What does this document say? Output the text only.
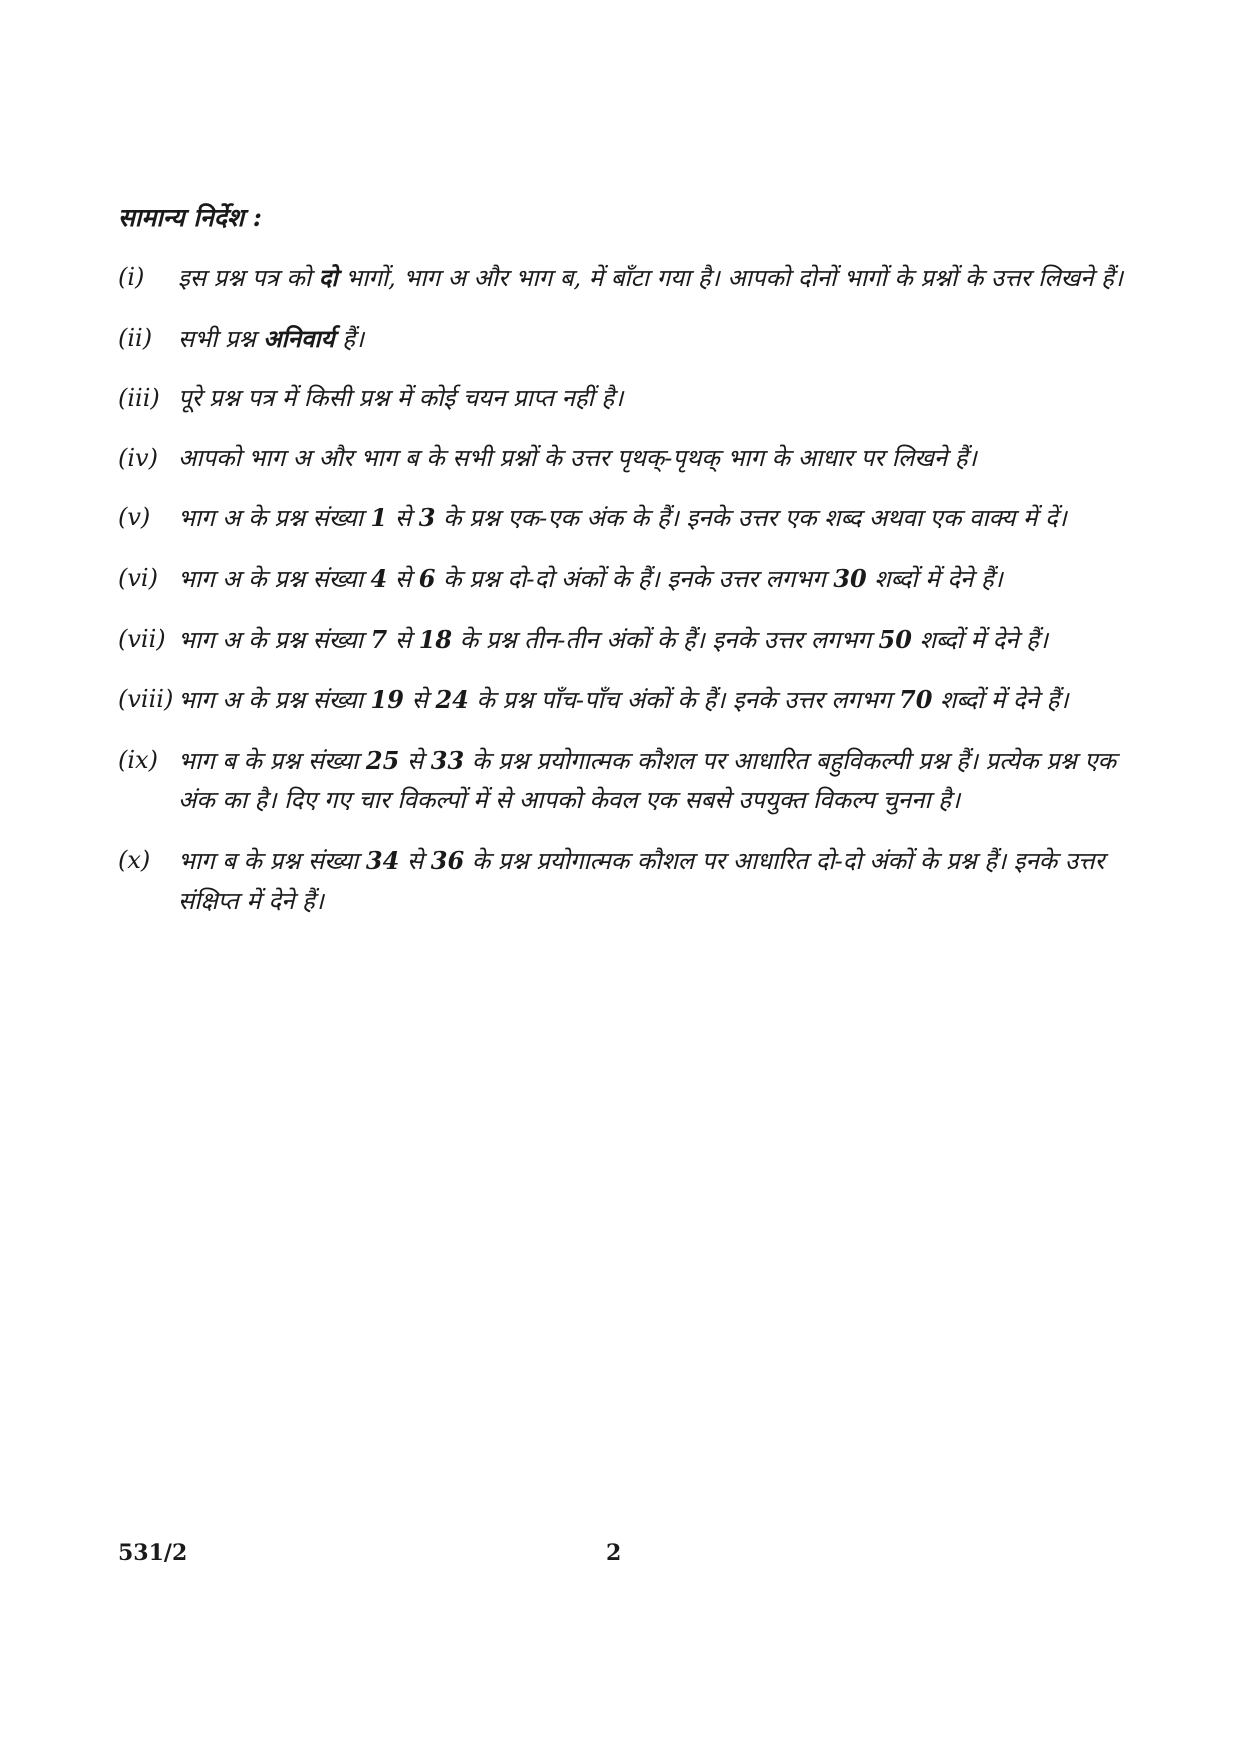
सामान्य निर्देश :
(i) इस प्रश्न पत्र को दो भागों, भाग अ और भाग ब, में बाँटा गया है। आपको दोनों भागों के प्रश्नों के उत्तर लिखने हैं।
(ii) सभी प्रश्न अनिवार्य हैं।
(iii) पूरे प्रश्न पत्र में किसी प्रश्न में कोई चयन प्राप्त नहीं है।
(iv) आपको भाग अ और भाग ब के सभी प्रश्नों के उत्तर पृथक्-पृथक् भाग के आधार पर लिखने हैं।
(v) भाग अ के प्रश्न संख्या 1 से 3 के प्रश्न एक-एक अंक के हैं। इनके उत्तर एक शब्द अथवा एक वाक्य में दें।
(vi) भाग अ के प्रश्न संख्या 4 से 6 के प्रश्न दो-दो अंकों के हैं। इनके उत्तर लगभग 30 शब्दों में देने हैं।
(vii) भाग अ के प्रश्न संख्या 7 से 18 के प्रश्न तीन-तीन अंकों के हैं। इनके उत्तर लगभग 50 शब्दों में देने हैं।
(viii) भाग अ के प्रश्न संख्या 19 से 24 के प्रश्न पाँच-पाँच अंकों के हैं। इनके उत्तर लगभग 70 शब्दों में देने हैं।
(ix) भाग ब के प्रश्न संख्या 25 से 33 के प्रश्न प्रयोगात्मक कौशल पर आधारित बहुविकल्पी प्रश्न हैं। प्रत्येक प्रश्न एक अंक का है। दिए गए चार विकल्पों में से आपको केवल एक सबसे उपयुक्त विकल्प चुनना है।
(x) भाग ब के प्रश्न संख्या 34 से 36 के प्रश्न प्रयोगात्मक कौशल पर आधारित दो-दो अंकों के प्रश्न हैं। इनके उत्तर संक्षिप्त में देने हैं।
531/2	2
